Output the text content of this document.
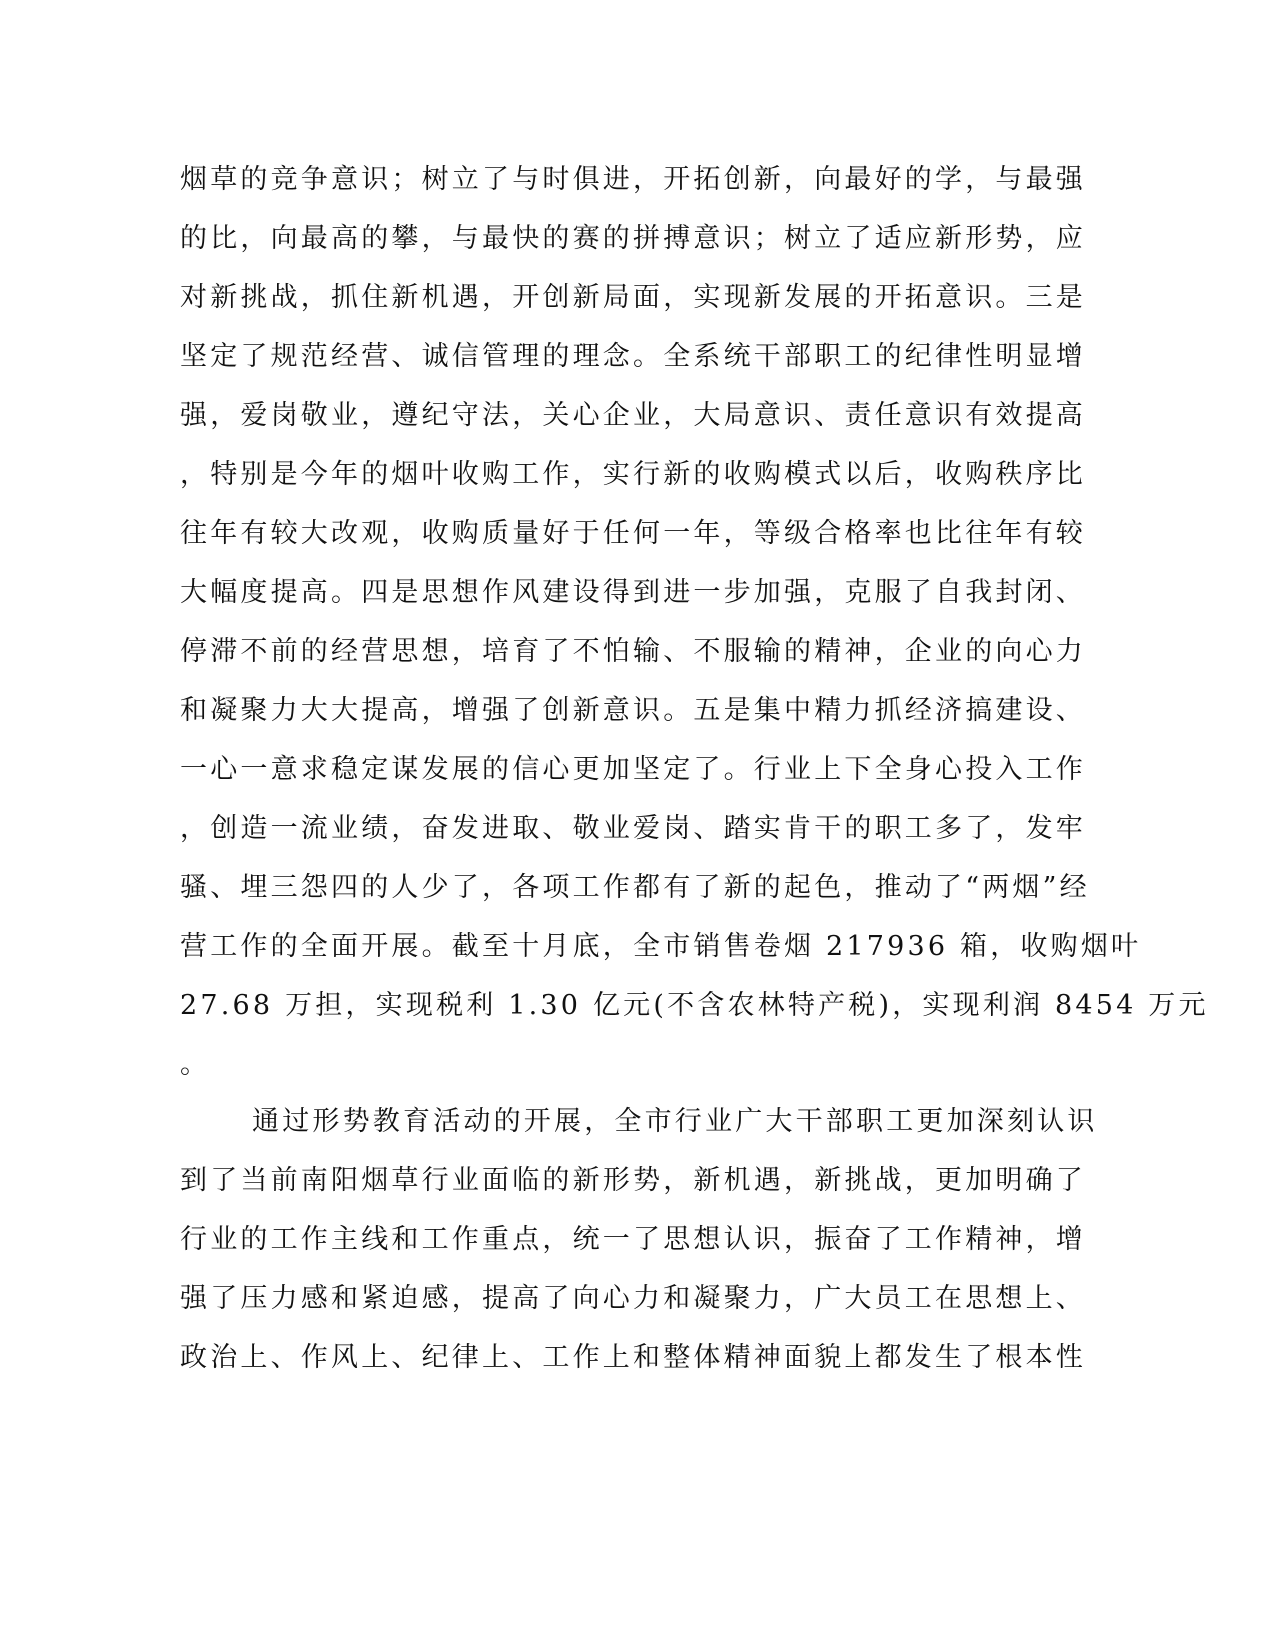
烟草的竞争意识；树立了与时俱进，开拓创新，向最好的学，与最强
的比，向最高的攀，与最快的赛的拼搏意识；树立了适应新形势，应
对新挑战，抓住新机遇，开创新局面，实现新发展的开拓意识。三是
坚定了规范经营、诚信管理的理念。全系统干部职工的纪律性明显增
强，爱岗敬业，遵纪守法，关心企业，大局意识、责任意识有效提高
，特别是今年的烟叶收购工作，实行新的收购模式以后，收购秩序比
往年有较大改观，收购质量好于任何一年，等级合格率也比往年有较
大幅度提高。四是思想作风建设得到进一步加强，克服了自我封闭、
停滞不前的经营思想，培育了不怕输、不服输的精神，企业的向心力
和凝聚力大大提高，增强了创新意识。五是集中精力抓经济搞建设、
一心一意求稳定谋发展的信心更加坚定了。行业上下全身心投入工作
，创造一流业绩，奋发进取、敬业爱岗、踏实肯干的职工多了，发牢
骚、埋三怨四的人少了，各项工作都有了新的起色，推动了“两烟”经
营工作的全面开展。截至十月底，全市销售卷烟 217936 箱，收购烟叶
27.68 万担，实现税利 1.30 亿元(不含农林特产税)，实现利润 8454 万元
。
通过形势教育活动的开展，全市行业广大干部职工更加深刻认识
到了当前南阳烟草行业面临的新形势，新机遇，新挑战，更加明确了
行业的工作主线和工作重点，统一了思想认识，振奋了工作精神，增
强了压力感和紧迫感，提高了向心力和凝聚力，广大员工在思想上、
政治上、作风上、纪律上、工作上和整体精神面貌上都发生了根本性
